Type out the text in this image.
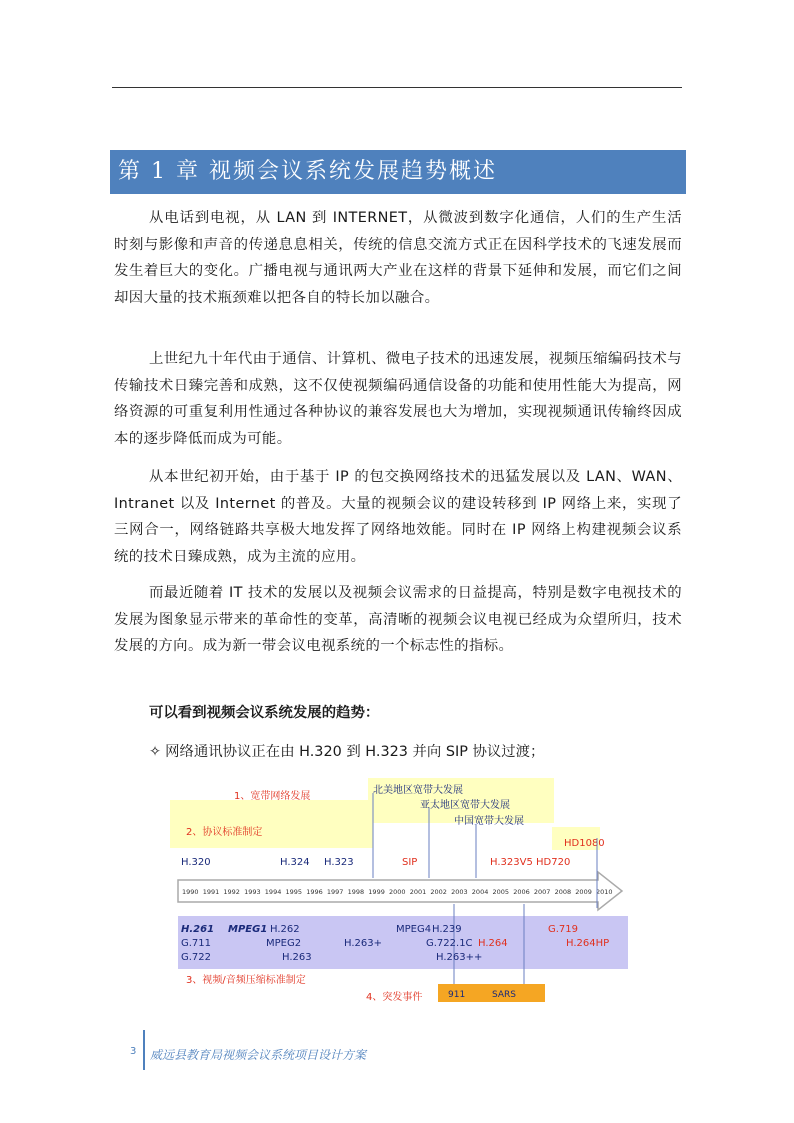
第 1 章 视频会议系统发展趋势概述

从电话到电视，从 LAN 到 INTERNET，从微波到数字化通信，人们的生产生活时刻与影像和声音的传递息息相关，传统的信息交流方式正在因科学技术的飞速发展而发生着巨大的变化。广播电视与通讯两大产业在这样的背景下延伸和发展，而它们之间却因大量的技术瓶颈难以把各自的特长加以融合。

上世纪九十年代由于通信、计算机、微电子技术的迅速发展，视频压缩编码技术与传输技术日臻完善和成熟，这不仅使视频编码通信设备的功能和使用性能大为提高，网络资源的可重复利用性通过各种协议的兼容发展也大为增加，实现视频通讯传输终因成本的逐步降低而成为可能。

从本世纪初开始，由于基于 IP 的包交换网络技术的迅猛发展以及 LAN、WAN、Intranet 以及 Internet 的普及。大量的视频会议的建设转移到 IP 网络上来，实现了三网合一，网络链路共享极大地发挥了网络地效能。同时在 IP 网络上构建视频会议系统的技术日臻成熟，成为主流的应用。

而最近随着 IT 技术的发展以及视频会议需求的日益提高，特别是数字电视技术的发展为图象显示带来的革命性的变革，高清晰的视频会议电视已经成为众望所归，技术发展的方向。成为新一带会议电视系统的一个标志性的指标。

可以看到视频会议系统发展的趋势：
✧ 网络通讯协议正在由 H.320 到 H.323 并向 SIP 协议过渡；
1、宽带网络发展
2、协议标准制定
3、视频/音频压缩标准制定
4、突发事件
北美地区宽带大发展
亚太地区宽带大发展
中国宽带大发展
H.320	H.324 H.323	SIP	H.323V5 HD720
HD1080
1990 1991 1992 1993 1994 1995 1996 1997 1998 1999 2000 2001 2002 2003 2004 2005 2006 2007 2008 2009 2010
H.261
G.711
G.722
MPEG1 H.262
MPEG2
H.263
H.263+
MPEG4 H.239
G.722.1C
H.263++
H.264
G.719
H.264HP
911	SARS
3 威远县教育局视频会议系统项目设计方案
